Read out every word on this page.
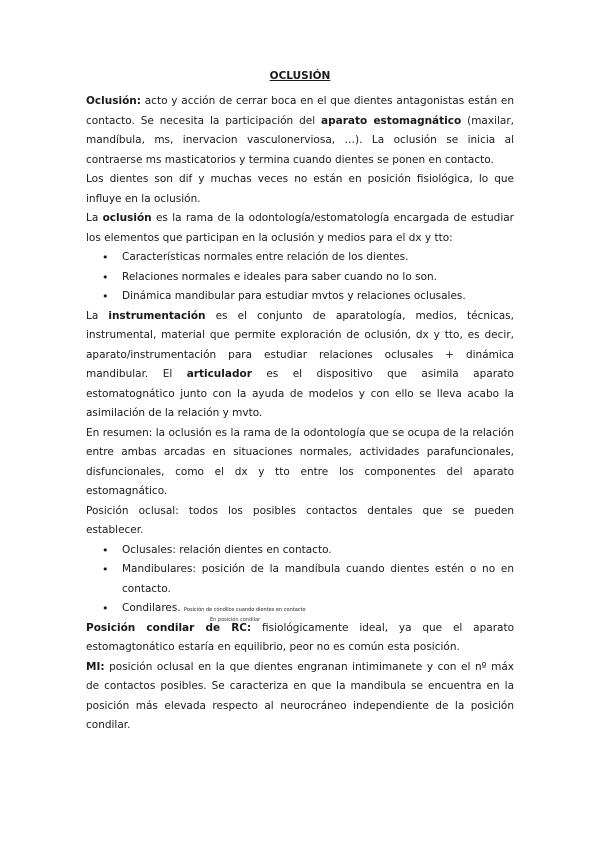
OCLUSIÓN

Oclusión: acto y acción de cerrar boca en el que dientes antagonistas están en contacto. Se necesita la participación del aparato estomagnático (maxilar, mandíbula, ms, inervacion vasculonerviosa, …). La oclusión se inicia al contraerse ms masticatorios y termina cuando dientes se ponen en contacto.

Los dientes son dif y muchas veces no están en posición fisiológica, lo que influye en la oclusión.

La oclusión es la rama de la odontología/estomatología encargada de estudiar los elementos que participan en la oclusión y medios para el dx y tto:

• Características normales entre relación de los dientes.
• Relaciones normales e ideales para saber cuando no lo son.
• Dinámica mandibular para estudiar mvtos y relaciones oclusales.

La instrumentación es el conjunto de aparatología, medios, técnicas, instrumental, material que permite exploración de oclusión, dx y tto, es decir, aparato/instrumentación para estudiar relaciones oclusales + dinámica mandibular. El articulador es el dispositivo que asimila aparato estomatognático junto con la ayuda de modelos y con ello se lleva acabo la asimilación de la relación y mvto.

En resumen: la oclusión es la rama de la odontología que se ocupa de la relación entre ambas arcadas en situaciones normales, actividades parafuncionales, disfuncionales, como el dx y tto entre los componentes del aparato estomagnático.

Posición oclusal: todos los posibles contactos dentales que se pueden establecer.

• Oclusales: relación dientes en contacto.
• Mandibulares: posición de la mandíbula cuando dientes estén o no en contacto.
• Condilares. Posición de cóndilos cuando dientes en contacto

Posición condilar de RC: fisiológicamente ideal, ya que el aparato estomagtonático estaría en equilibrio, peor no es común esta posición.

MI: posición oclusal en la que dientes engranan intimimanete y con el nº máx de contactos posibles. Se caracteriza en que la mandibula se encuentra en la posición más elevada respecto al neurocráneo independiente de la posición condilar.

En posición condilar
